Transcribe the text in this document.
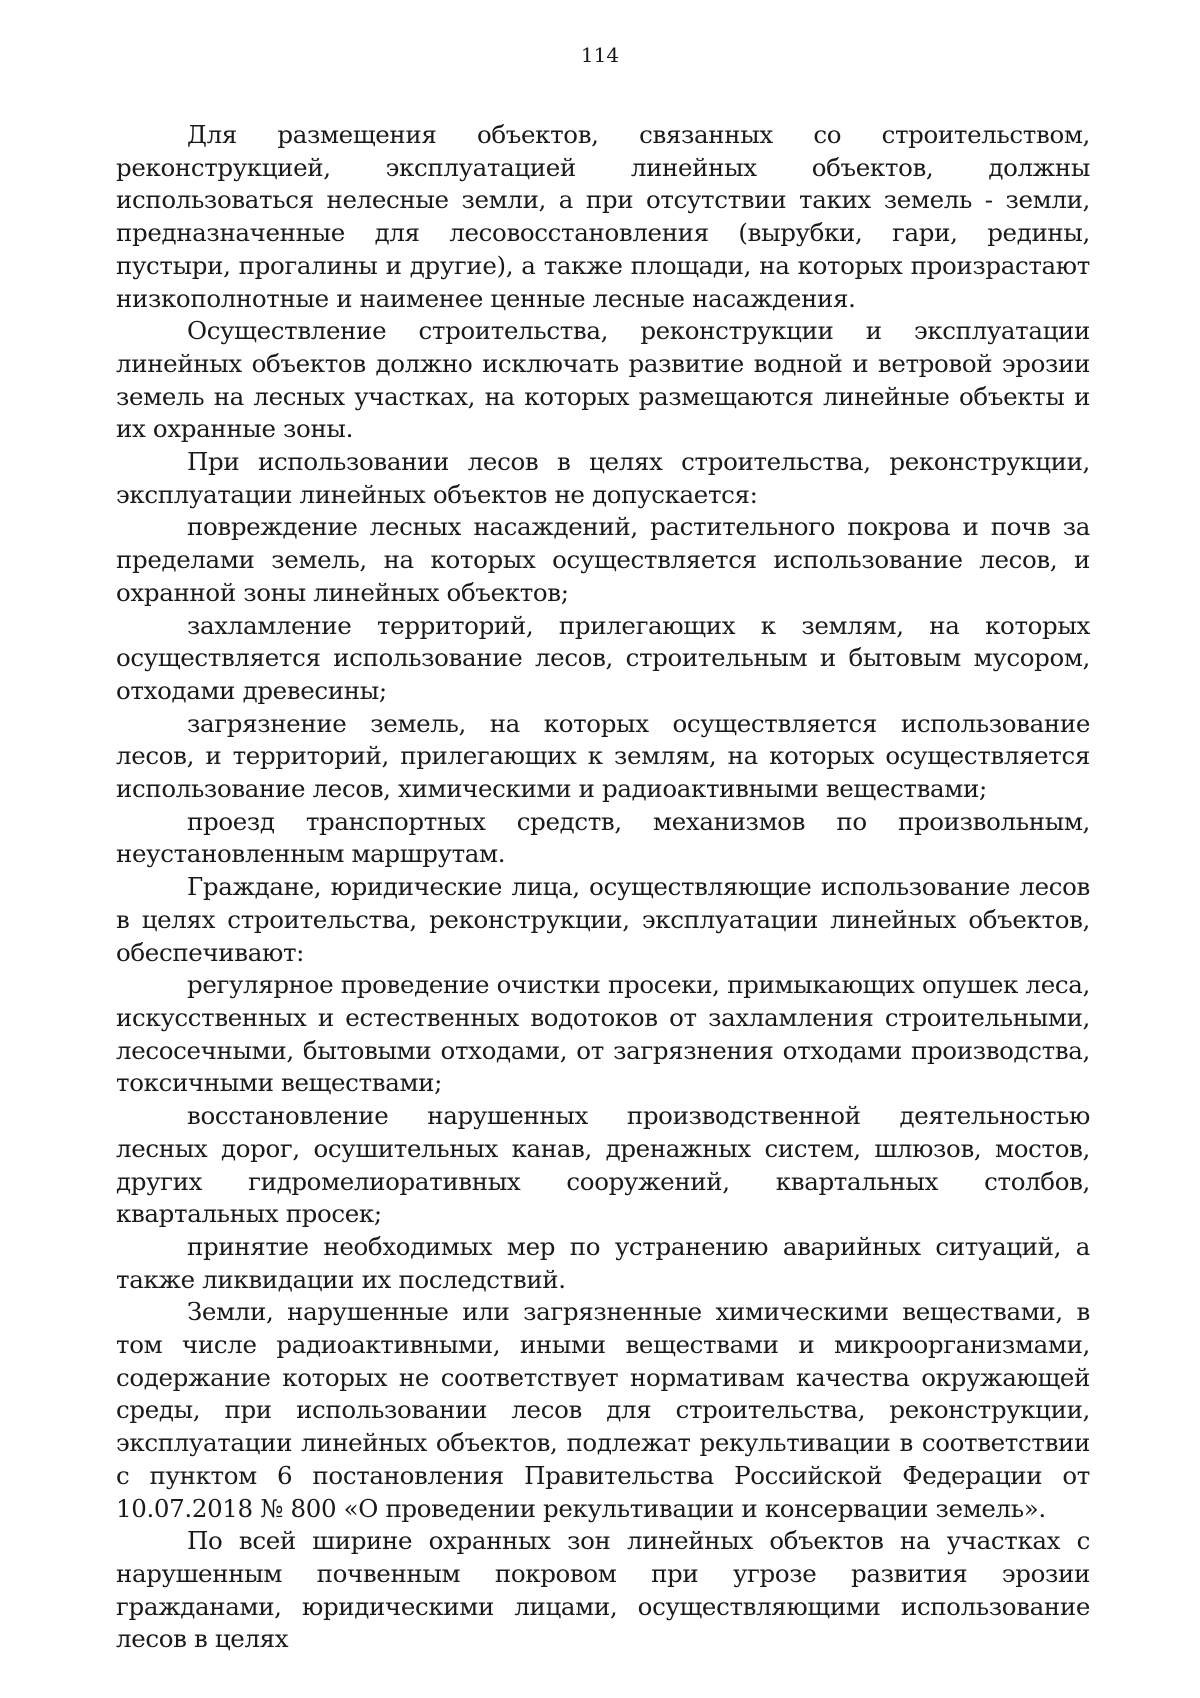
114

Для размещения объектов, связанных со строительством, реконструкцией, эксплуатацией линейных объектов, должны использоваться нелесные земли, а при отсутствии таких земель - земли, предназначенные для лесовосстановления (вырубки, гари, редины, пустыри, прогалины и другие), а также площади, на которых произрастают низкополнотные и наименее ценные лесные насаждения.

Осуществление строительства, реконструкции и эксплуатации линейных объектов должно исключать развитие водной и ветровой эрозии земель на лесных участках, на которых размещаются линейные объекты и их охранные зоны.

При использовании лесов в целях строительства, реконструкции, эксплуатации линейных объектов не допускается:

повреждение лесных насаждений, растительного покрова и почв за пределами земель, на которых осуществляется использование лесов, и охранной зоны линейных объектов;

захламление территорий, прилегающих к землям, на которых осуществляется использование лесов, строительным и бытовым мусором, отходами древесины;

загрязнение земель, на которых осуществляется использование лесов, и территорий, прилегающих к землям, на которых осуществляется использование лесов, химическими и радиоактивными веществами;

проезд транспортных средств, механизмов по произвольным, неустановленным маршрутам.

Граждане, юридические лица, осуществляющие использование лесов в целях строительства, реконструкции, эксплуатации линейных объектов, обеспечивают:

регулярное проведение очистки просеки, примыкающих опушек леса, искусственных и естественных водотоков от захламления строительными, лесосечными, бытовыми отходами, от загрязнения отходами производства, токсичными веществами;

восстановление нарушенных производственной деятельностью лесных дорог, осушительных канав, дренажных систем, шлюзов, мостов, других гидромелиоративных сооружений, квартальных столбов, квартальных просек;

принятие необходимых мер по устранению аварийных ситуаций, а также ликвидации их последствий.

Земли, нарушенные или загрязненные химическими веществами, в том числе радиоактивными, иными веществами и микроорганизмами, содержание которых не соответствует нормативам качества окружающей среды, при использовании лесов для строительства, реконструкции, эксплуатации линейных объектов, подлежат рекультивации в соответствии с пунктом 6 постановления Правительства Российской Федерации от 10.07.2018 № 800 «О проведении рекультивации и консервации земель».

По всей ширине охранных зон линейных объектов на участках с нарушенным почвенным покровом при угрозе развития эрозии гражданами, юридическими лицами, осуществляющими использование лесов в целях
